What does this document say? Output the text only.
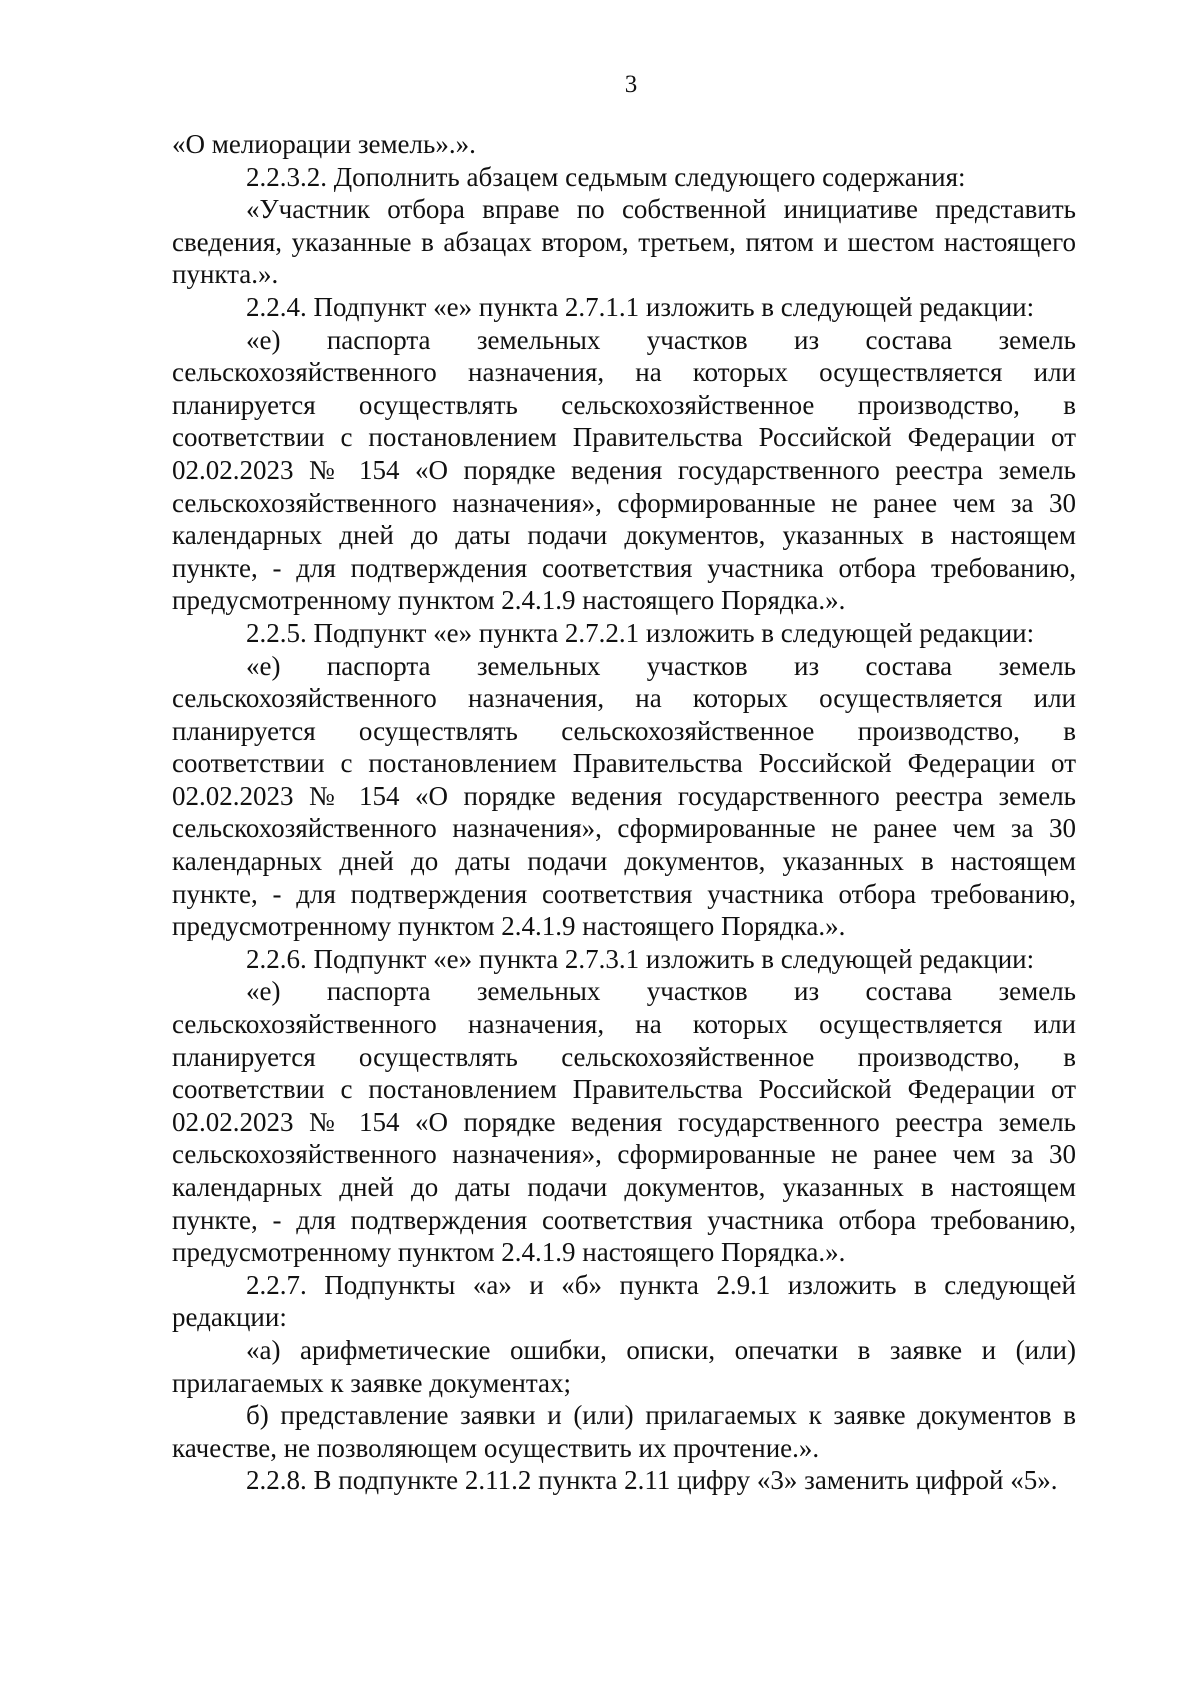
3

«О мелиорации земель».».

2.2.3.2. Дополнить абзацем седьмым следующего содержания:

«Участник отбора вправе по собственной инициативе представить сведения, указанные в абзацах втором, третьем, пятом и шестом настоящего пункта.».

2.2.4. Подпункт «е» пункта 2.7.1.1 изложить в следующей редакции:

«е) паспорта земельных участков из состава земель сельскохозяйственного назначения, на которых осуществляется или планируется осуществлять сельскохозяйственное производство, в соответствии с постановлением Правительства Российской Федерации от 02.02.2023 № 154 «О порядке ведения государственного реестра земель сельскохозяйственного назначения», сформированные не ранее чем за 30 календарных дней до даты подачи документов, указанных в настоящем пункте, - для подтверждения соответствия участника отбора требованию, предусмотренному пунктом 2.4.1.9 настоящего Порядка.».

2.2.5. Подпункт «е» пункта 2.7.2.1 изложить в следующей редакции:

«е) паспорта земельных участков из состава земель сельскохозяйственного назначения, на которых осуществляется или планируется осуществлять сельскохозяйственное производство, в соответствии с постановлением Правительства Российской Федерации от 02.02.2023 № 154 «О порядке ведения государственного реестра земель сельскохозяйственного назначения», сформированные не ранее чем за 30 календарных дней до даты подачи документов, указанных в настоящем пункте, - для подтверждения соответствия участника отбора требованию, предусмотренному пунктом 2.4.1.9 настоящего Порядка.».

2.2.6. Подпункт «е» пункта 2.7.3.1 изложить в следующей редакции:

«е) паспорта земельных участков из состава земель сельскохозяйственного назначения, на которых осуществляется или планируется осуществлять сельскохозяйственное производство, в соответствии с постановлением Правительства Российской Федерации от 02.02.2023 № 154 «О порядке ведения государственного реестра земель сельскохозяйственного назначения», сформированные не ранее чем за 30 календарных дней до даты подачи документов, указанных в настоящем пункте, - для подтверждения соответствия участника отбора требованию, предусмотренному пунктом 2.4.1.9 настоящего Порядка.».

2.2.7. Подпункты «а» и «б» пункта 2.9.1 изложить в следующей редакции:

«а) арифметические ошибки, описки, опечатки в заявке и (или) прилагаемых к заявке документах;

б) представление заявки и (или) прилагаемых к заявке документов в качестве, не позволяющем осуществить их прочтение.».

2.2.8. В подпункте 2.11.2 пункта 2.11 цифру «3» заменить цифрой «5».
